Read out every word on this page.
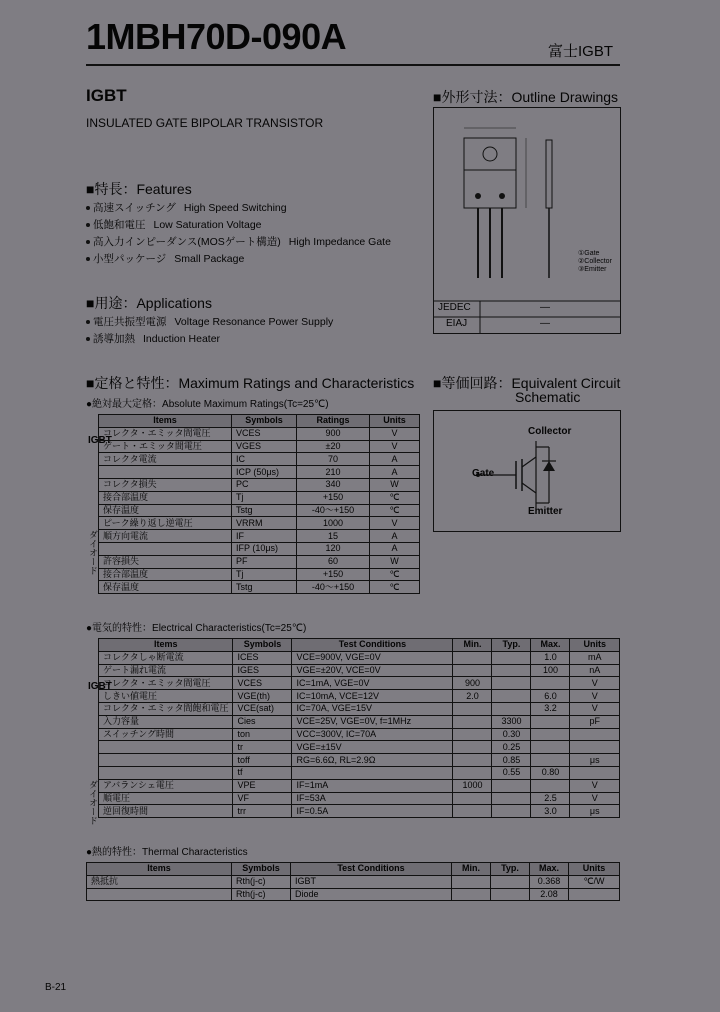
1MBH70D-090A	富士IGBT
IGBT
INSULATED GATE BIPOLAR TRANSISTOR
■特長：Features
高速スイッチング High Speed Switching
低飽和電圧 Low Saturation Voltage
高入力インピーダンス(MOSゲート構造) High Impedance Gate
小型パッケージ Small Package
■用途：Applications
電圧共振型電源 Voltage Resonance Power Supply
誘導加熱 Induction Heater
■外形寸法：Outline Drawings
JEDEC	—
EIAJ	—
①Gate
②Collector
③Emitter
■等価回路：Equivalent Circuit
Schematic
Collector
Gate
Emitter
■定格と特性：Maximum Ratings and Characteristics
●絶対最大定格：Absolute Maximum Ratings(Tc=25℃)
IGBT
ダイオード
Items	Symbols	Ratings	Units
コレクタ・エミッタ間電圧	VCES	900	V
ゲート・エミッタ間電圧	VGES	±20	V
コレクタ電流	IC	70	A
	ICP (50μs)	210	A
コレクタ損失	PC	340	W
接合部温度	Tj	+150	℃
保存温度	Tstg	-40～+150	℃
ピーク繰り返し逆電圧	VRRM	1000	V
順方向電流	IF	15	A
	IFP (10μs)	120	A
許容損失	PF	60	W
接合部温度	Tj	+150	℃
保存温度	Tstg	-40～+150	℃
●電気的特性：Electrical Characteristics(Tc=25℃)
IGBT
ダイオード
Items	Symbols	Test Conditions	Min.	Typ.	Max.	Units
コレクタしゃ断電流	ICES	VCE=900V, VGE=0V			1.0	mA
ゲート漏れ電流	IGES	VGE=±20V, VCE=0V			100	nA
コレクタ・エミッタ間電圧	VCES	IC=1mA, VGE=0V	900			V
しきい値電圧	VGE(th)	IC=10mA, VCE=12V	2.0		6.0	V
コレクタ・エミッタ間飽和電圧	VCE(sat)	IC=70A, VGE=15V			3.2	V
入力容量	Cies	VCE=25V, VGE=0V, f=1MHz		3300		pF
スイッチング時間	ton	VCC=300V, IC=70A		0.30		
	tr	VGE=±15V		0.25		
	toff	RG=6.6Ω, RL=2.9Ω		0.85		μs
	tf			0.55	0.80	
アバランシェ電圧	VPE	IF=1mA	1000			V
順電圧	VF	IF=53A			2.5	V
逆回復時間	trr	IF=0.5A			3.0	μs
●熱的特性：Thermal Characteristics
Items	Symbols	Test Conditions	Min.	Typ.	Max.	Units
熱抵抗	Rth(j-c)	IGBT			0.368	℃/W
	Rth(j-c)	Diode			2.08	
B-21
